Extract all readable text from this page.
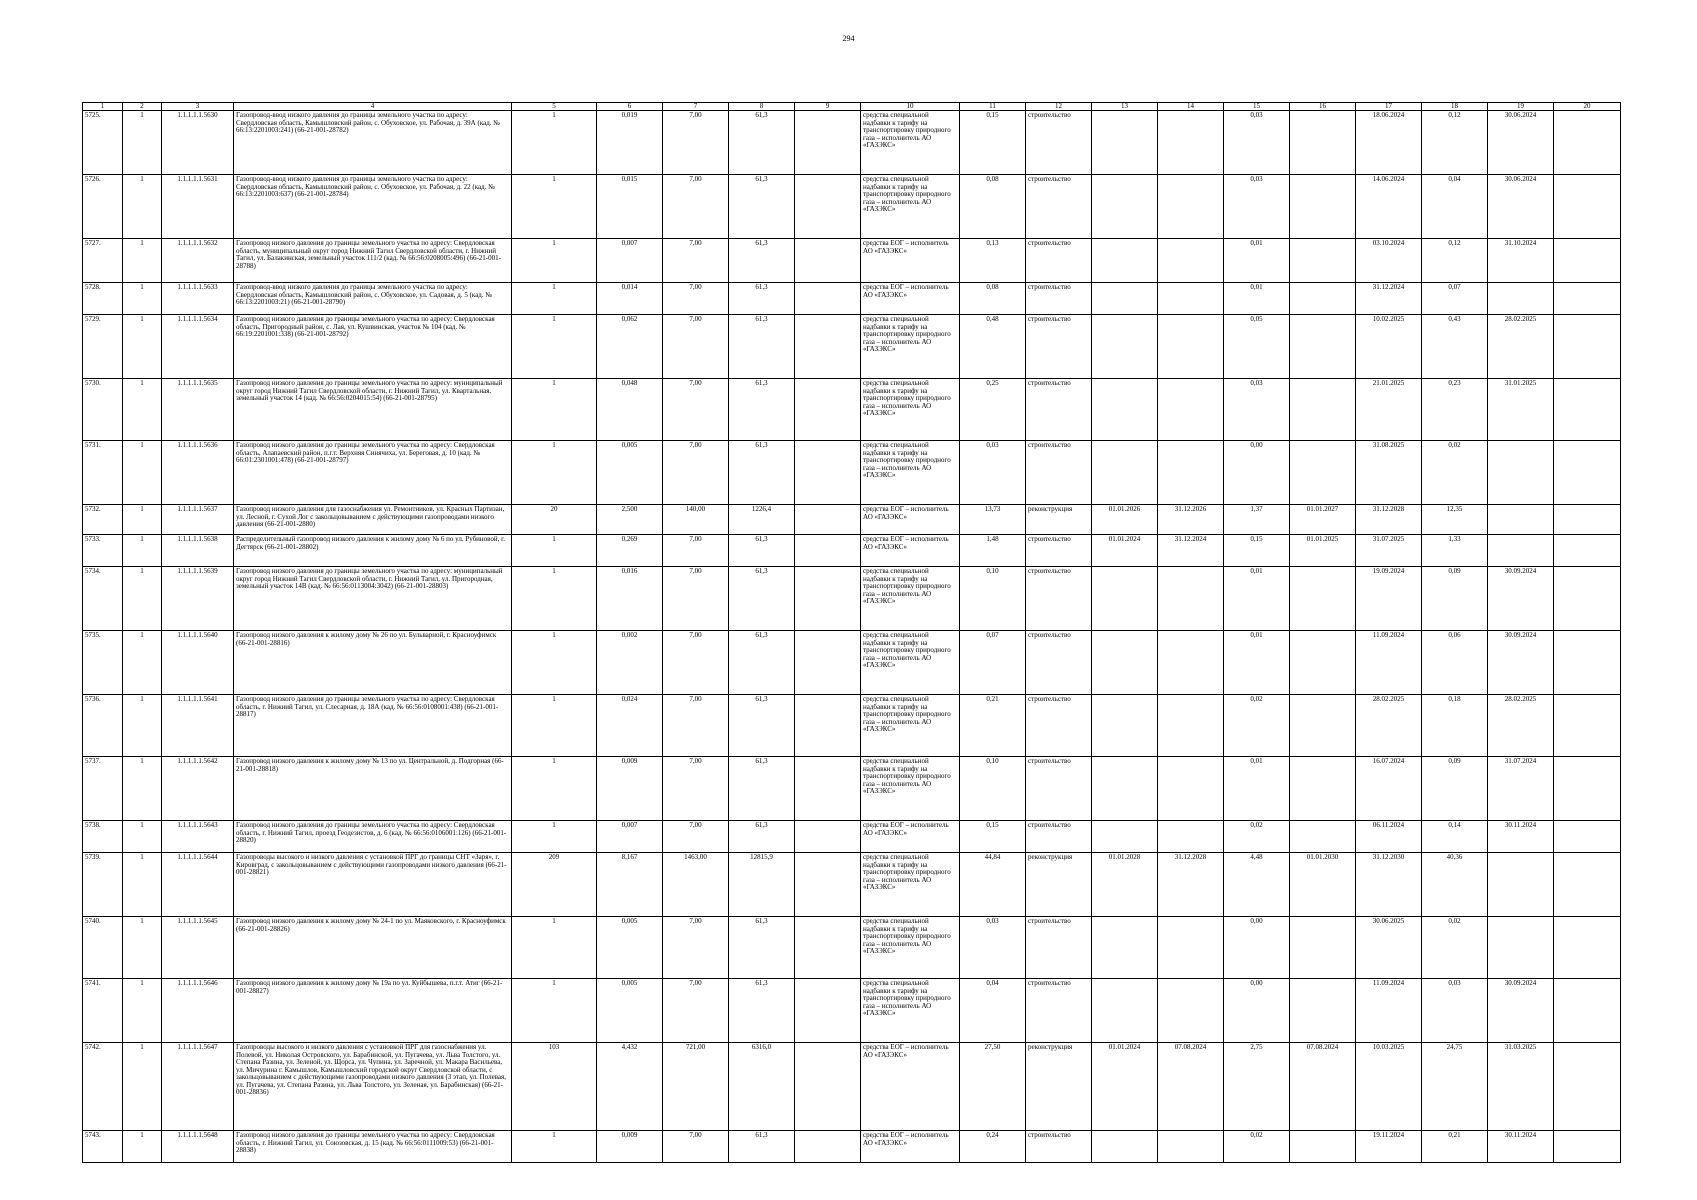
294
1	2	3	4	5	6	7	8	9	10	11	12	13	14	15	16	17	18	19	20
5725.	1	1.1.1.1.1.5630	Газопровод-ввод низкого давления до границы земельного участка по адресу: Свердловская область, Камышловский район, с. Обуховское, ул. Рабочая, д. 39А (кад. № 66:13:2201003:241) (66-21-001-28782)	1	0,019	7,00	61,3		средства специальной надбавки к тарифу на транспортировку природного газа – исполнитель АО «ГАЗЭКС»	0,15	строительство			0,03		18.06.2024	0,12	30.06.2024	
5726.	1	1.1.1.1.1.5631	Газопровод-ввод низкого давления до границы земельного участка по адресу: Свердловская область, Камышловский район, с. Обуховское, ул. Рабочая, д. 22 (кад. № 66:13:2201003:637) (66-21-001-28784)	1	0,015	7,00	61,3		средства специальной надбавки к тарифу на транспортировку природного газа – исполнитель АО «ГАЗЭКС»	0,08	строительство			0,03		14.06.2024	0,04	30.06.2024	
5727.	1	1.1.1.1.1.5632	Газопровод низкого давления до границы земельного участка по адресу: Свердловская область, муниципальный округ город Нижний Тагил Свердловской области, г. Нижний Тагил, ул. Балакинская, земельный участок 111/2 (кад. № 66:56:0208005:496) (66-21-001-28788)	1	0,007	7,00	61,3		средства ЕОГ – исполнитель АО «ГАЗЭКС»	0,13	строительство			0,01		03.10.2024	0,12	31.10.2024	
5728.	1	1.1.1.1.1.5633	Газопровод-ввод низкого давления до границы земельного участка по адресу: Свердловская область, Камышловский район, с. Обуховское, ул. Садовая, д. 5 (кад. № 66:13:2201003:21) (66-21-001-28790)	1	0,014	7,00	61,3		средства ЕОГ – исполнитель АО «ГАЗЭКС»	0,08	строительство			0,01		31.12.2024	0,07		
5729.	1	1.1.1.1.1.5634	Газопровод низкого давления до границы земельного участка по адресу: Свердловская область, Пригородный район, с. Лая, ул. Кушвинская, участок № 104 (кад. № 66:19:2201001:338) (66-21-001-28792)	1	0,062	7,00	61,3		средства специальной надбавки к тарифу на транспортировку природного газа – исполнитель АО «ГАЗЭКС»	0,48	строительство			0,05		10.02.2025	0,43	28.02.2025	
5730.	1	1.1.1.1.1.5635	Газопровод низкого давления до границы земельного участка по адресу: муниципальный округ город Нижний Тагил Свердловской области, г. Нижний Тагил, ул. Квартальная, земельный участок 14 (кад. № 66:56:0204015:54) (66-21-001-28795)	1	0,048	7,00	61,3		средства специальной надбавки к тарифу на транспортировку природного газа – исполнитель АО «ГАЗЭКС»	0,25	строительство			0,03		21.01.2025	0,23	31.01.2025	
5731.	1	1.1.1.1.1.5636	Газопровод низкого давления до границы земельного участка по адресу: Свердловская область, Алапаевский район, п.г.т. Верхняя Синячиха, ул. Береговая, д. 10 (кад. № 66:01:2301001:478) (66-21-001-28797)	1	0,005	7,00	61,3		средства специальной надбавки к тарифу на транспортировку природного газа – исполнитель АО «ГАЗЭКС»	0,03	строительство			0,00		31.08.2025	0,02		
5732.	1	1.1.1.1.1.5637	Газопровод низкого давления для газоснабжения ул. Ремонтников, ул. Красных Партизан, ул. Лесной, г. Сухой Лог с закольцовыванием с действующими газопроводами низкого давления (66-21-001-2880)	20	2,500	140,00	1226,4		средства ЕОГ – исполнитель АО «ГАЗЭКС»	13,73	реконструкция	01.01.2026	31.12.2026	1,37	01.01.2027	31.12.2028	12,35		
5733.	1	1.1.1.1.1.5638	Распределительный газопровод низкого давления к жилому дому № 6 по ул. Рубиновой, г. Дегтярск (66-21-001-28802)	1	0,269	7,00	61,3		средства ЕОГ – исполнитель АО «ГАЗЭКС»	1,48	строительство	01.01.2024	31.12.2024	0,15	01.01.2025	31.07.2025	1,33		
5734.	1	1.1.1.1.1.5639	Газопровод низкого давления до границы земельного участка по адресу: муниципальный округ город Нижний Тагил Свердловской области, г. Нижний Тагил, ул. Пригородная, земельный участок 14В (кад. № 66:56:0113004:3042) (66-21-001-28803)	1	0,016	7,00	61,3		средства специальной надбавки к тарифу на транспортировку природного газа – исполнитель АО «ГАЗЭКС»	0,10	строительство			0,01		19.09.2024	0,09	30.09.2024	
5735.	1	1.1.1.1.1.5640	Газопровод низкого давления к жилому дому № 26 по ул. Бульварной, г. Красноуфимск (66-21-001-28816)	1	0,002	7,00	61,3		средства специальной надбавки к тарифу на транспортировку природного газа – исполнитель АО «ГАЗЭКС»	0,07	строительство			0,01		11.09.2024	0,06	30.09.2024	
5736.	1	1.1.1.1.1.5641	Газопровод низкого давления до границы земельного участка по адресу: Свердловская область, г. Нижний Тагил, ул. Слесарная, д. 18А (кад. № 66:56:0108001:438) (66-21-001-28817)	1	0,024	7,00	61,3		средства специальной надбавки к тарифу на транспортировку природного газа – исполнитель АО «ГАЗЭКС»	0,21	строительство			0,02		28.02.2025	0,18	28.02.2025	
5737.	1	1.1.1.1.1.5642	Газопровод низкого давления к жилому дому № 13 по ул. Центральной, д. Подгорная (66-21-001-28818)	1	0,009	7,00	61,3		средства специальной надбавки к тарифу на транспортировку природного газа – исполнитель АО «ГАЗЭКС»	0,10	строительство			0,01		16.07.2024	0,09	31.07.2024	
5738.	1	1.1.1.1.1.5643	Газопровод низкого давления до границы земельного участка по адресу: Свердловская область, г. Нижний Тагил, проезд Геодезистов, д. 6 (кад. № 66:56:0106001:126) (66-21-001-28820)	1	0,007	7,00	61,3		средства ЕОГ – исполнитель АО «ГАЗЭКС»	0,15	строительство			0,02		06.11.2024	0,14	30.11.2024	
5739.	1	1.1.1.1.1.5644	Газопроводы высокого и низкого давления с установкой ПРГ до границы СНТ «Заря», г. Кировград, с закольцовыванием с действующими газопроводами низкого давления (66-21-001-28821)	209	8,167	1463,00	12815,9		средства специальной надбавки к тарифу на транспортировку природного газа – исполнитель АО «ГАЗЭКС»	44,84	реконструкция	01.01.2028	31.12.2028	4,48	01.01.2030	31.12.2030	40,36		
5740.	1	1.1.1.1.1.5645	Газопровод низкого давления к жилому дому № 24-1 по ул. Маяковского, г. Красноуфимск (66-21-001-28826)	1	0,005	7,00	61,3		средства специальной надбавки к тарифу на транспортировку природного газа – исполнитель АО «ГАЗЭКС»	0,03	строительство			0,00		30.06.2025	0,02		
5741.	1	1.1.1.1.1.5646	Газопровод низкого давления к жилому дому № 19а по ул. Куйбышева, п.г.т. Атиг (66-21-001-28827)	1	0,005	7,00	61,3		средства специальной надбавки к тарифу на транспортировку природного газа – исполнитель АО «ГАЗЭКС»	0,04	строительство			0,00		11.09.2024	0,03	30.09.2024	
5742.	1	1.1.1.1.1.5647	Газопроводы высокого и низкого давления с установкой ПРГ для газоснабжения ул. Полевой, ул. Николая Островского, ул. Барабинской, ул. Пугачева, ул. Льва Толстого, ул. Степана Разина, ул. Зеленой, ул. Щорса, ул. Чупина, ул. Заречной, ул. Макара Васильева, ул. Мичурина г. Камышлов, Камышловский городской округ Свердловской области, с закольцовыванием с действующими газопроводами низкого давления (3 этап, ул. Полевая, ул. Пугачева, ул. Степана Разина, ул. Льва Толстого, ул. Зеленая, ул. Барабинская) (66-21-001-28836)	103	4,432	721,00	6316,0		средства ЕОГ – исполнитель АО «ГАЗЭКС»	27,50	реконструкция	01.01.2024	07.08.2024	2,75	07.08.2024	10.03.2025	24,75	31.03.2025	
5743.	1	1.1.1.1.1.5648	Газопровод низкого давления до границы земельного участка по адресу: Свердловская область, г. Нижний Тагил, ул. Союзовская, д. 15 (кад. № 66:56:0111009:53) (66-21-001-28838)	1	0,009	7,00	61,3		средства ЕОГ – исполнитель АО «ГАЗЭКС»	0,24	строительство			0,02		19.11.2024	0,21	30.11.2024	
